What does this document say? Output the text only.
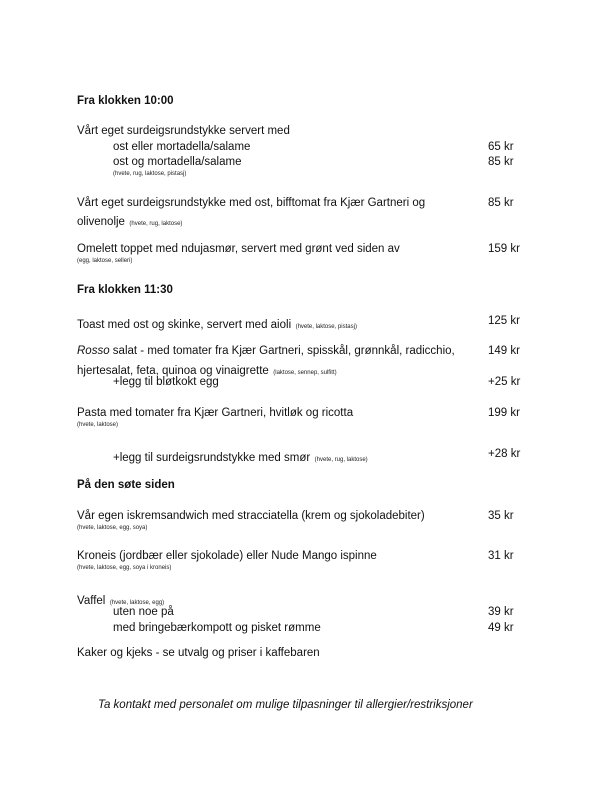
Fra klokken 10:00
Vårt eget surdeigsrundstykke servert med
ost eller mortadella/salame	65 kr
ost og mortadella/salame	85 kr
(hvete, rug, laktose, pistasj)
Vårt eget surdeigsrundstykke med ost, bifftomat fra Kjær Gartneri og	85 kr
olivenolje (hvete, rug, laktose)
Omelett toppet med ndujasmør, servert med grønt ved siden av	159 kr
(egg, laktose, selleri)
Fra klokken 11:30
Toast med ost og skinke, servert med aioli (hvete, laktose, pistasj)	125 kr
Rosso salat - med tomater fra Kjær Gartneri, spisskål, grønnkål, radicchio,	149 kr
hjertesalat, feta, quinoa og vinaigrette (laktose, sennep, sulfitt)
+legg til bløtkokt egg	+25 kr
Pasta med tomater fra Kjær Gartneri, hvitløk og ricotta	199 kr
(hvete, laktose)
+legg til surdeigsrundstykke med smør (hvete, rug, laktose)	+28 kr
På den søte siden
Vår egen iskremsandwich med stracciatella (krem og sjokoladebiter)	35 kr
(hvete, laktose, egg, soya)
Kroneis (jordbær eller sjokolade) eller Nude Mango ispinne	31 kr
(hvete, laktose, egg, soya i kroneis)
Vaffel (hvete, laktose, egg)
uten noe på	39 kr
med bringebærkompott og pisket rømme	49 kr
Kaker og kjeks - se utvalg og priser i kaffebaren
Ta kontakt med personalet om mulige tilpasninger til allergier/restriksjoner
